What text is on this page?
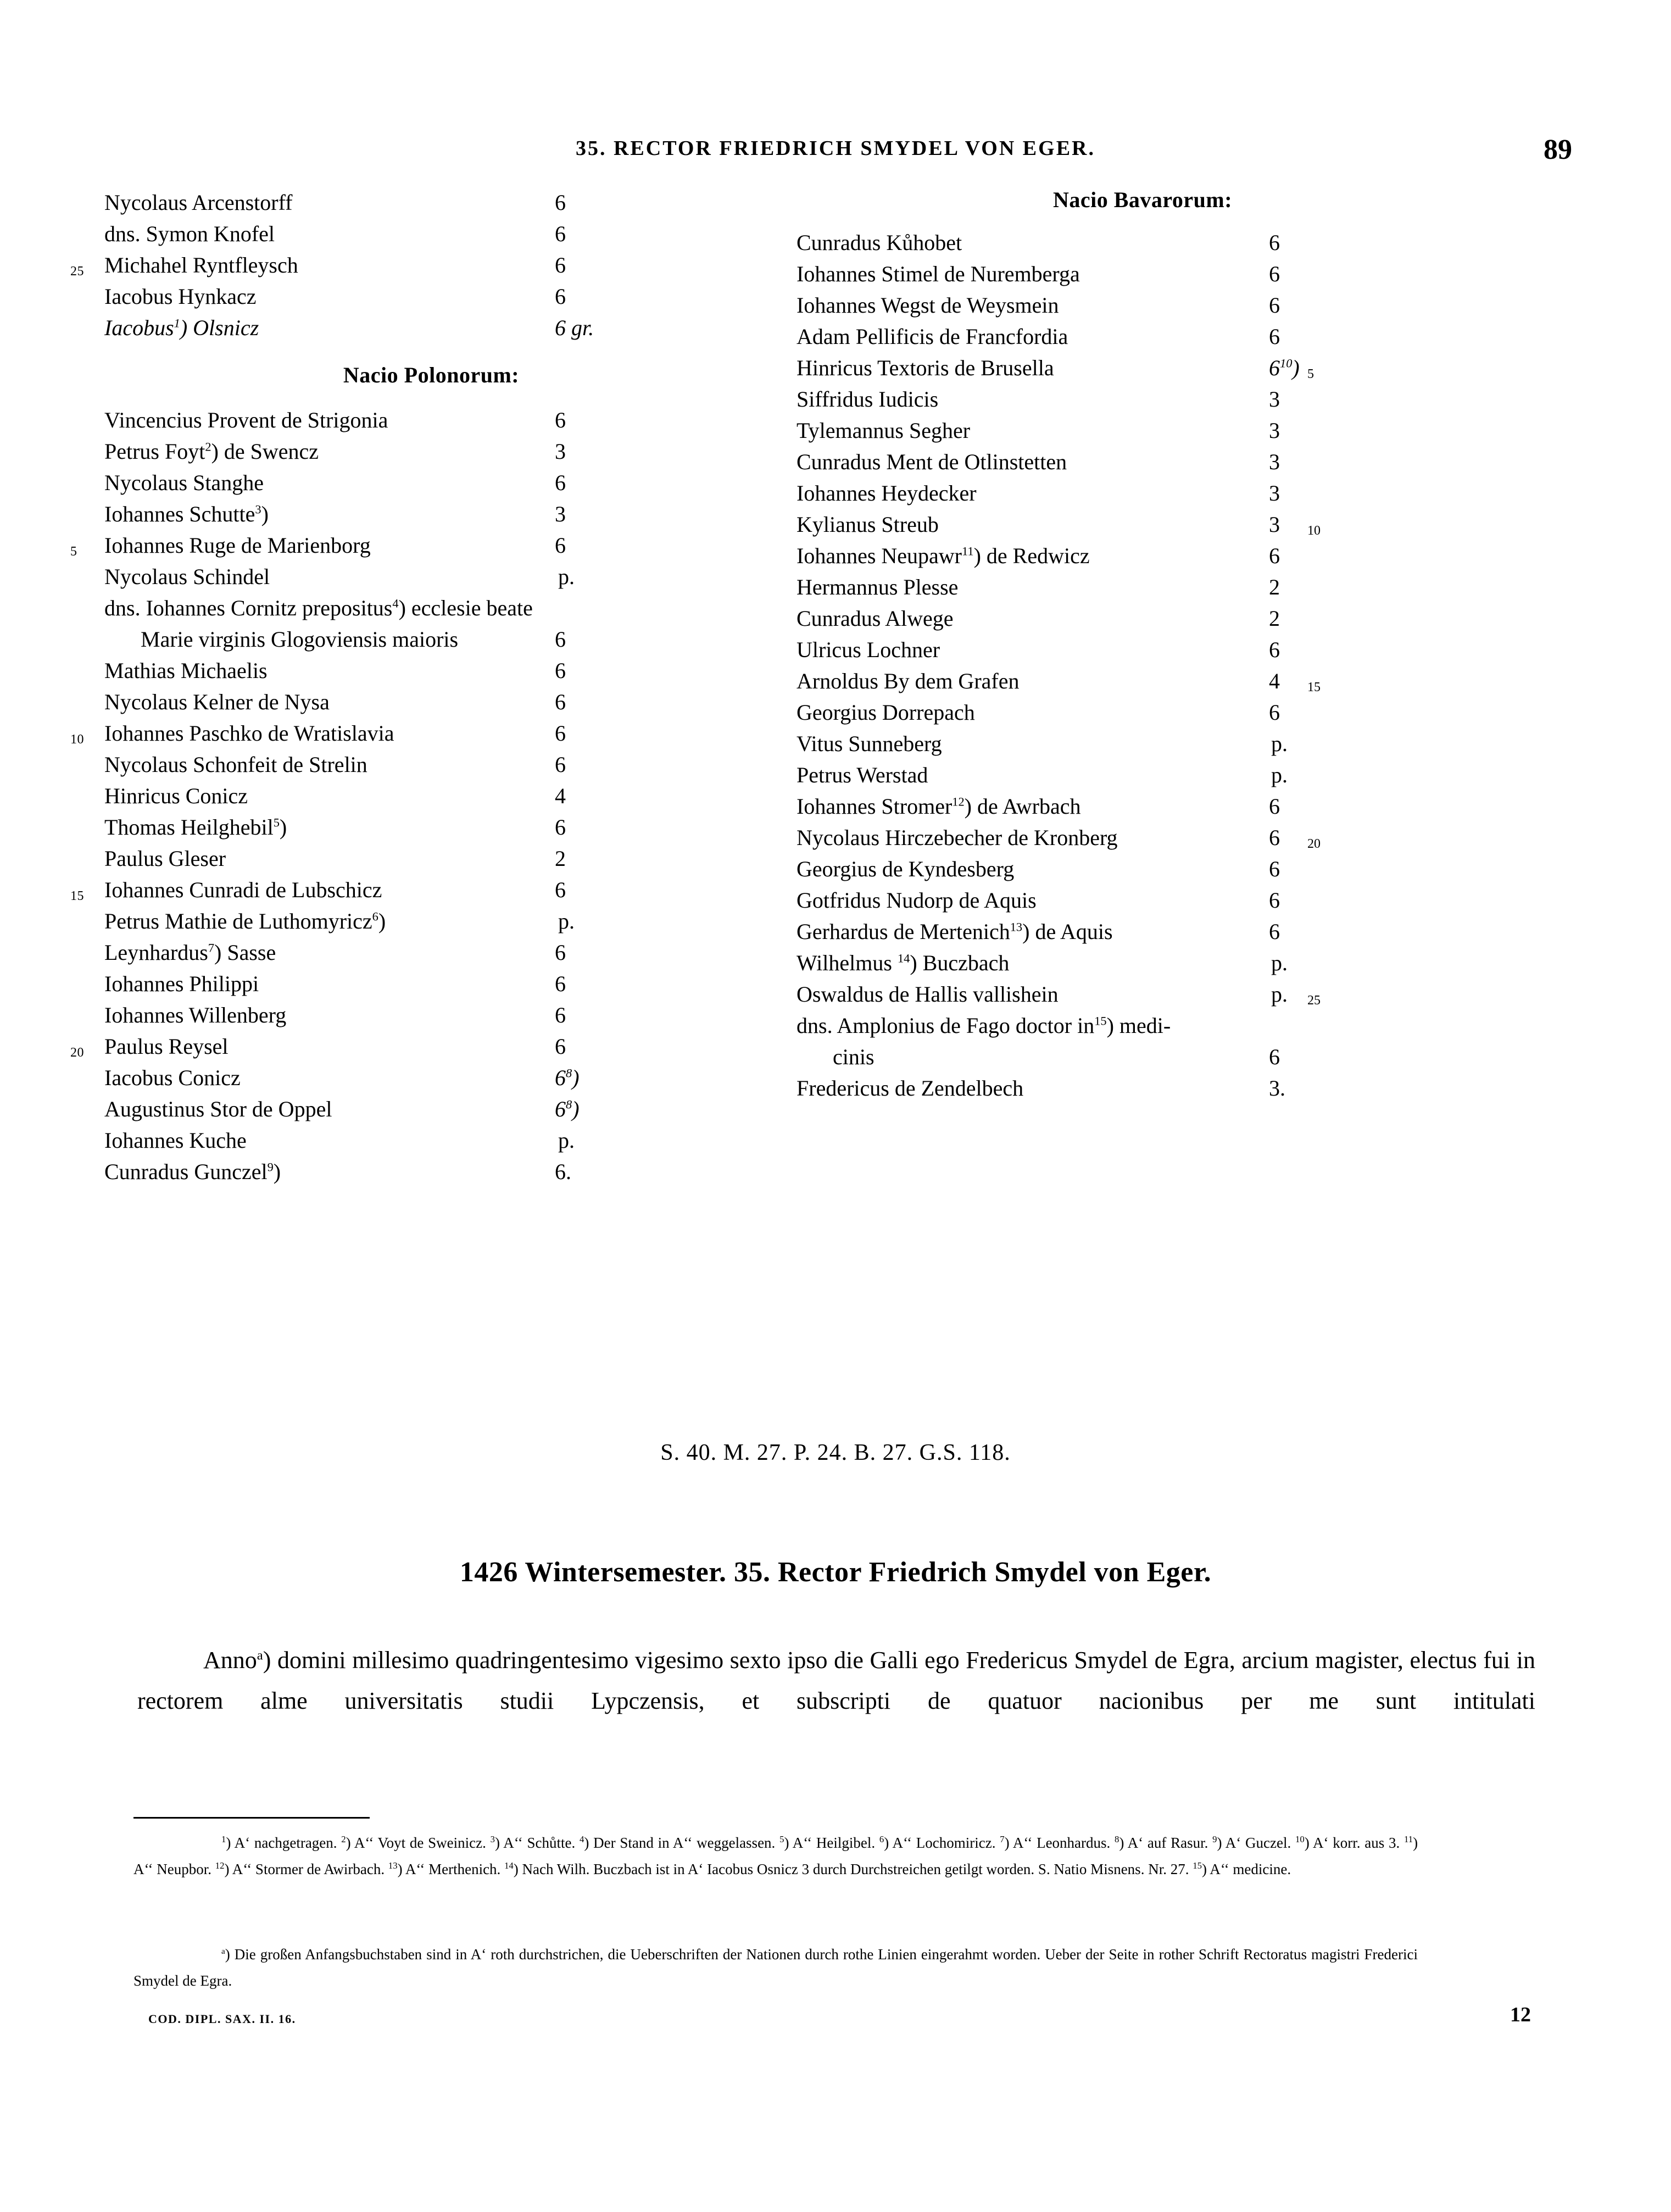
35. RECTOR FRIEDRICH SMYDEL VON EGER.	89
Nycolaus Arcenstorff	6
dns. Symon Knofel	6
25 Michahel Ryntfleysch	6
Iacobus Hynkacz	6
Iacobus$^1$) Olsnicz	6 gr.
Nacio Polonorum:
Vincencius Provent de Strigonia	6
Petrus Foyt$^2$) de Swencz	3
Nycolaus Stanghe	6
Iohannes Schutte$^3$)	3
5 Iohannes Ruge de Marienborg	6
Nycolaus Schindel	p.
dns. Iohannes Cornitz prepositus$^4$) ecclesie beate
Marie virginis Glogoviensis maioris	6
Mathias Michaelis	6
Nycolaus Kelner de Nysa	6
10 Iohannes Paschko de Wratislavia	6
Nycolaus Schonfeit de Strelin	6
Hinricus Conicz	4
Thomas Heilghebil$^5$)	6
Paulus Gleser	2
15 Iohannes Cunradi de Lubschicz	6
Petrus Mathie de Luthomyricz$^6$)	p.
Leynhardus$^7$) Sasse	6
Iohannes Philippi	6
Iohannes Willenberg	6
20 Paulus Reysel	6
Iacobus Conicz	$6^8$)
Augustinus Stor de Oppel	$6^8$)
Iohannes Kuche	p.
Cunradus Gunczel$^9$)	6.
Nacio Bavarorum:
Cunradus Kůhobet	6
Iohannes Stimel de Nuremberga	6
Iohannes Wegst de Weysmein	6
Adam Pellificis de Francfordia	6
Hinricus Textoris de Brusella	$6^{10}$) 5
Siffridus Iudicis	3
Tylemannus Segher	3
Cunradus Ment de Otlinstetten	3
Iohannes Heydecker	3
Kylianus Streub	3 10
Iohannes Neupawr$^{11}$) de Redwicz	6
Hermannus Plesse	2
Cunradus Alwege	2
Ulricus Lochner	6
Arnoldus By dem Grafen	4 15
Georgius Dorrepach	6
Vitus Sunneberg	p.
Petrus Werstad	p.
Iohannes Stromer$^{12}$) de Awrbach	6
Nycolaus Hirczebecher de Kronberg	6 20
Georgius de Kyndesberg	6
Gotfridus Nudorp de Aquis	6
Gerhardus de Mertenich$^{13}$) de Aquis	6
Wilhelmus $^{14}$) Buczbach	p.
Oswaldus de Hallis vallishein	p. 25
dns. Amplonius de Fago doctor $in^{15}$) medi-
cinis	6
Fredericus de Zendelbech	3.
S. 40. M. 27. P. 24. B. 27. G.S. 118.
1426 Wintersemester. 35. Rector Friedrich Smydel von Eger.
Anno$^a$) domini millesimo quadringentesimo vigesimo sexto ipso die Galli ego Fredericus Smydel de Egra, arcium magister, electus fui in rectorem alme universitatis studii Lypczensis, et subscripti de quatuor nacionibus per me sunt intitulati

$^1$) A‘ nachgetragen. $^2$) A‘‘ Voyt de Sweinicz. $^3$) A‘‘ Schůtte. $^4$) Der Stand in A‘‘ weggelassen. $^5$) A‘‘ Heilgibel. $^6$) A‘‘ Lochomiricz. $^7$) A‘‘ Leonhardus. $^8$) A‘ auf Rasur. $^9$) A‘ Guczel. $^{10}$) A‘ korr. aus 3. $^{11}$) A‘‘ Neupbor. $^{12}$) A‘‘ Stormer de Awirbach. $^{13}$) A‘‘ Merthenich. $^{14}$) Nach Wilh. Buczbach ist in A‘ Iacobus Osnicz 3 durch Durchstreichen getilgt worden. S. Natio Misnens. Nr. 27. $^{15}$) A‘‘ medicine.

$^a$) Die großen Anfangsbuchstaben sind in A‘ roth durchstrichen, die Ueberschriften der Nationen durch rothe Linien eingerahmt worden. Ueber der Seite in rother Schrift Rectoratus magistri Frederici Smydel de Egra.

COD. DIPL. SAX. II. 16.	12
